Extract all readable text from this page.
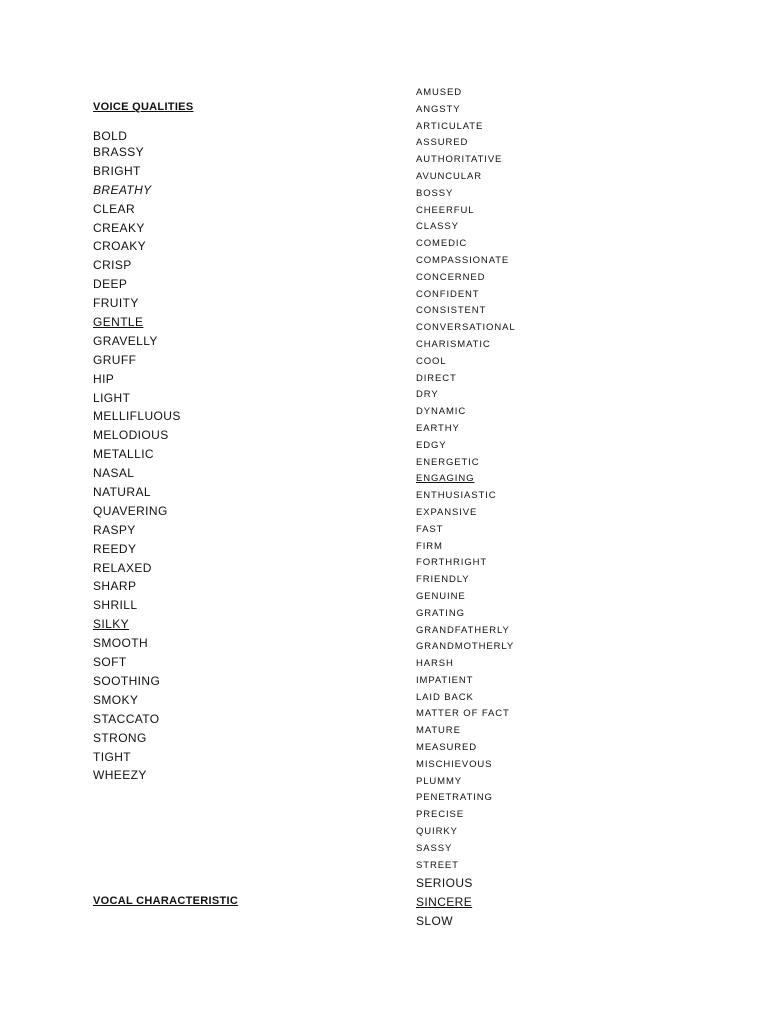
VOICE QUALITIES
BOLD
BRASSY
BRIGHT
BREATHY
CLEAR
CREAKY
CROAKY
CRISP
DEEP
FRUITY
GENTLE
GRAVELLY
GRUFF
HIP
LIGHT
MELLIFLUOUS
MELODIOUS
METALLIC
NASAL
NATURAL
QUAVERING
RASPY
REEDY
RELAXED
SHARP
SHRILL
SILKY
SMOOTH
SOFT
SOOTHING
SMOKY
STACCATO
STRONG
TIGHT
WHEEZY
AMUSED
ANGSTY
ARTICULATE
ASSURED
AUTHORITATIVE
AVUNCULAR
BOSSY
CHEERFUL
CLASSY
COMEDIC
COMPASSIONATE
CONCERNED
CONFIDENT
CONSISTENT
CONVERSATIONAL
CHARISMATIC
COOL
DIRECT
DRY
DYNAMIC
EARTHY
EDGY
ENERGETIC
ENGAGING
ENTHUSIASTIC
EXPANSIVE
FAST
FIRM
FORTHRIGHT
FRIENDLY
GENUINE
GRATING
GRANDFATHERLY
GRANDMOTHERLY
HARSH
IMPATIENT
LAID BACK
MATTER OF FACT
MATURE
MEASURED
MISCHIEVOUS
PLUMMY
PENETRATING
PRECISE
QUIRKY
SASSY
STREET
SERIOUS
SINCERE
SLOW
VOCAL CHARACTERISTIC
